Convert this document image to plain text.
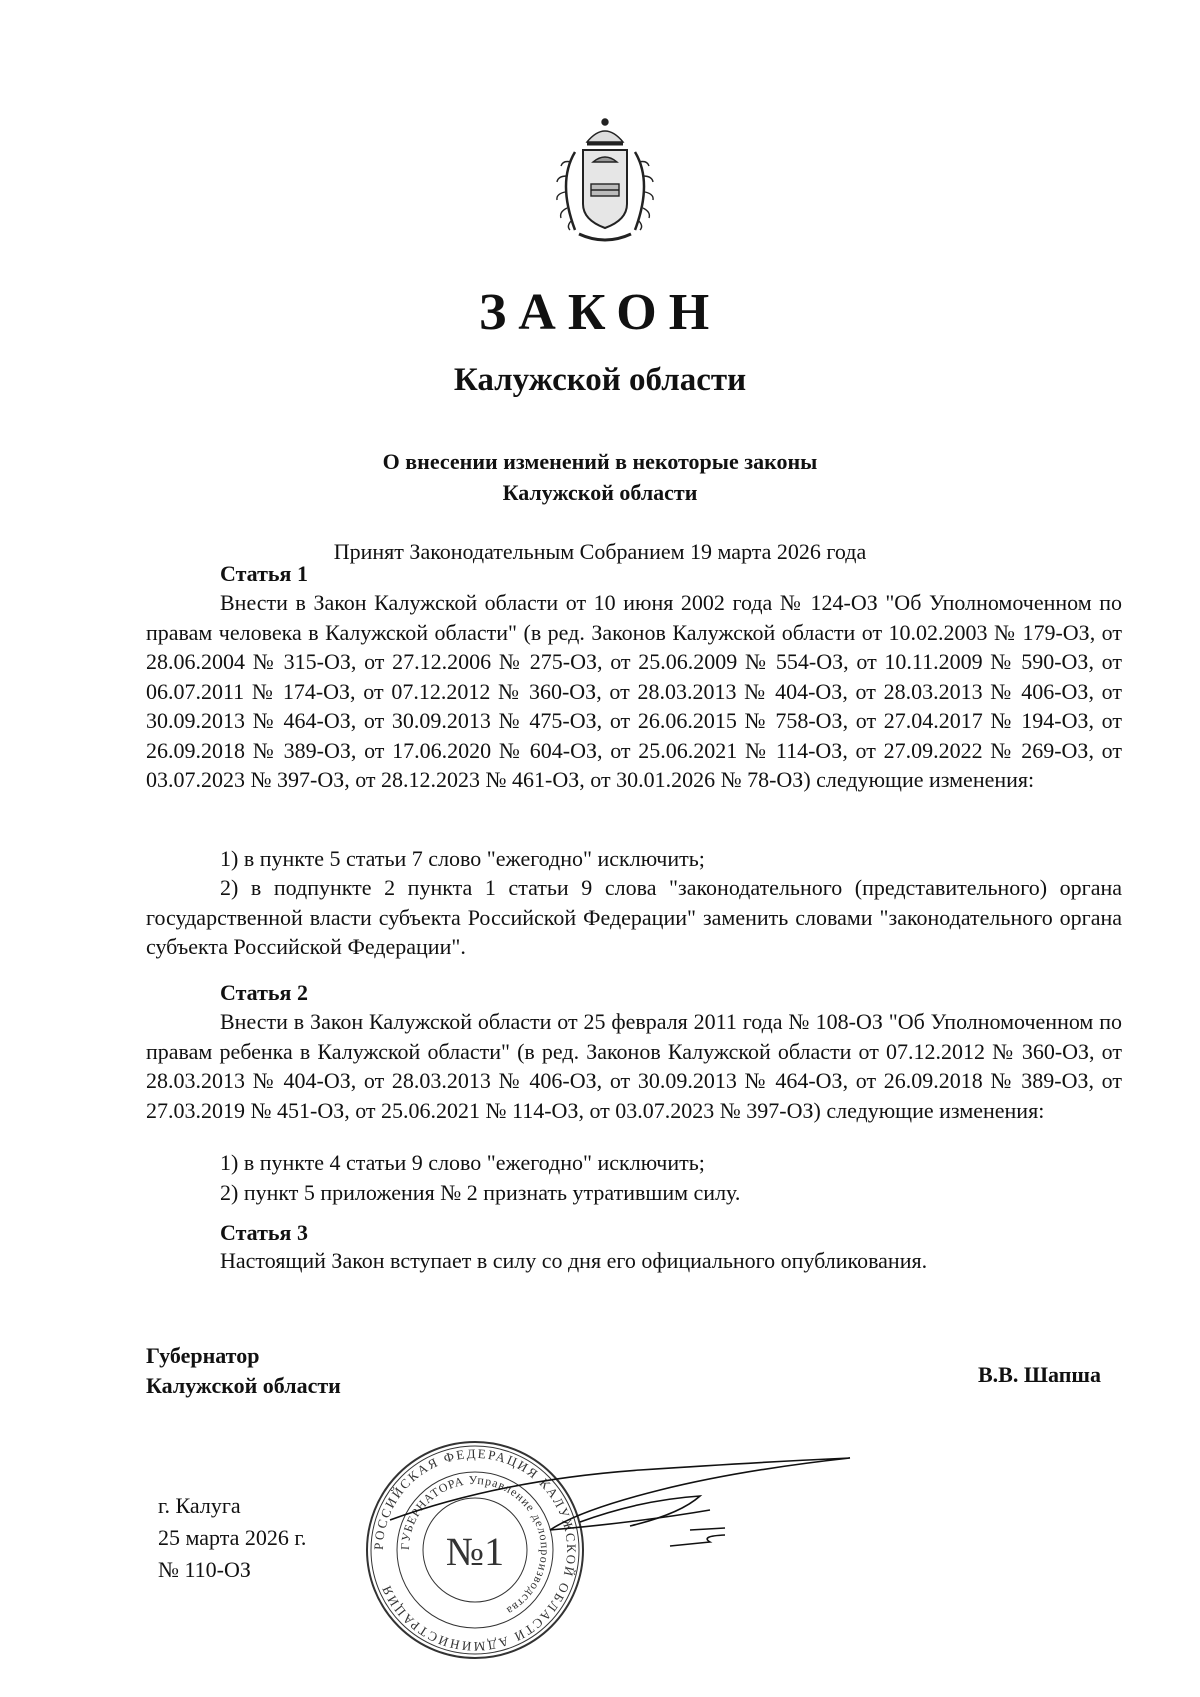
ЗАКОН
Калужской области
О внесении изменений в некоторые законы
Калужской области
Принят Законодательным Собранием 19 марта 2026 года
Статья 1

Внести в Закон Калужской области от 10 июня 2002 года № 124-ОЗ "Об Уполномоченном по правам человека в Калужской области" (в ред. Законов Калужской области от 10.02.2003 № 179-ОЗ, от 28.06.2004 № 315-ОЗ, от 27.12.2006 № 275-ОЗ, от 25.06.2009 № 554-ОЗ, от 10.11.2009 № 590-ОЗ, от 06.07.2011 № 174-ОЗ, от 07.12.2012 № 360-ОЗ, от 28.03.2013 № 404-ОЗ, от 28.03.2013 № 406-ОЗ, от 30.09.2013 № 464-ОЗ, от 30.09.2013 № 475-ОЗ, от 26.06.2015 № 758-ОЗ, от 27.04.2017 № 194-ОЗ, от 26.09.2018 № 389-ОЗ, от 17.06.2020 № 604-ОЗ, от 25.06.2021 № 114-ОЗ, от 27.09.2022 № 269-ОЗ, от 03.07.2023 № 397-ОЗ, от 28.12.2023 № 461-ОЗ, от 30.01.2026 № 78-ОЗ) следующие изменения:

1) в пункте 5 статьи 7 слово "ежегодно" исключить;

2) в подпункте 2 пункта 1 статьи 9 слова "законодательного (представительного) органа государственной власти субъекта Российской Федерации" заменить словами "законодательного органа субъекта Российской Федерации".

Статья 2

Внести в Закон Калужской области от 25 февраля 2011 года № 108-ОЗ "Об Уполномоченном по правам ребенка в Калужской области" (в ред. Законов Калужской области от 07.12.2012 № 360-ОЗ, от 28.03.2013 № 404-ОЗ, от 28.03.2013 № 406-ОЗ, от 30.09.2013 № 464-ОЗ, от 26.09.2018 № 389-ОЗ, от 27.03.2019 № 451-ОЗ, от 25.06.2021 № 114-ОЗ, от 03.07.2023 № 397-ОЗ) следующие изменения:

1) в пункте 4 статьи 9 слово "ежегодно" исключить;
2) пункт 5 приложения № 2 признать утратившим силу.
Статья 3
Настоящий Закон вступает в силу со дня его официального опубликования.
Губернатор
Калужской области	В.В. Шапша
г. Калуга
25 марта 2026 г.
№ 110-ОЗ
РОССИЙСКАЯ ФЕДЕРАЦИЯ КАЛУЖСКОЙ ОБЛАСТИ АДМИНИСТРАЦИЯ
ГУБЕРНАТОРА Управление делопроизводства
№1
